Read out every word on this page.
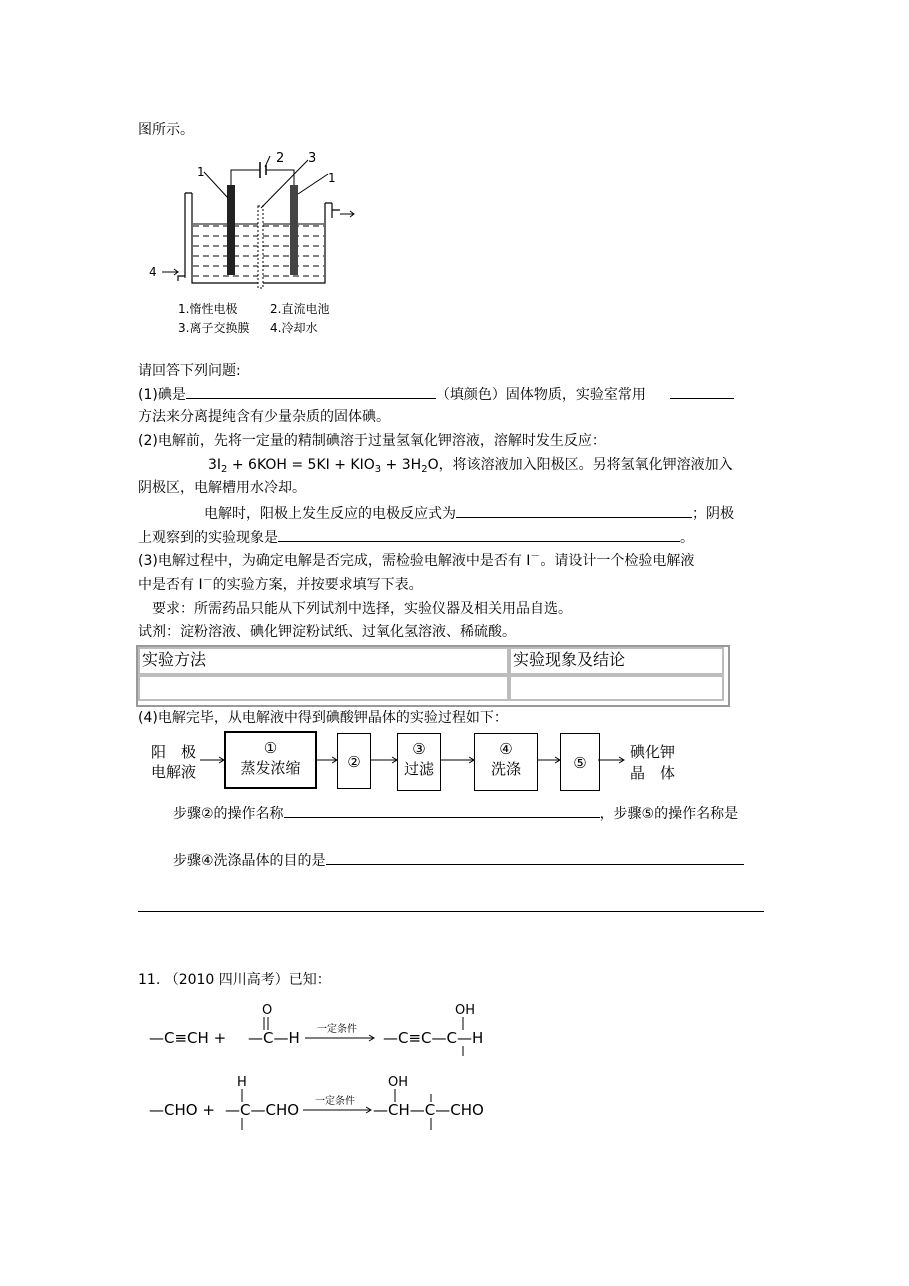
图所示。
4
1
2 3
1
1.惰性电极	2.直流电池
3.离子交换膜 4.冷却水
请回答下列问题:
(1)碘是	（填颜色）固体物质，实验室常用
方法来分离提纯含有少量杂质的固体碘。
(2)电解前，先将一定量的精制碘溶于过量氢氧化钾溶液，溶解时发生反应：
$3I_2 + 6KOH = 5KI + KIO_3 + 3H_2O$，将该溶液加入阳极区。另将氢氧化钾溶液加入
阴极区，电解槽用水冷却。
电解时，阳极上发生反应的电极反应式为	；阴极
上观察到的实验现象是	。
(3)电解过程中，为确定电解是否完成，需检验电解液中是否有 I－。请设计一个检验电解液
中是否有 I－的实验方案，并按要求填写下表。
要求：所需药品只能从下列试剂中选择，实验仪器及相关用品自选。
试剂：淀粉溶液、碘化钾淀粉试纸、过氧化氢溶液、稀硫酸。
实验方法	实验现象及结论
(4)电解完毕，从电解液中得到碘酸钾晶体的实验过程如下：
阳　极
电解液
①
蒸发浓缩	②
③
过滤
④
洗涤	⑤
碘化钾
晶　体
步骤②的操作名称	，步骤⑤的操作名称是
步骤④洗涤晶体的目的是
11. （2010 四川高考）已知：
—C≡CH +
O
—C—H 一定条件
OH
—C≡C—C—H
—CHO +
H
—C—CHO 一定条件
OH
—CH—C—CHO
